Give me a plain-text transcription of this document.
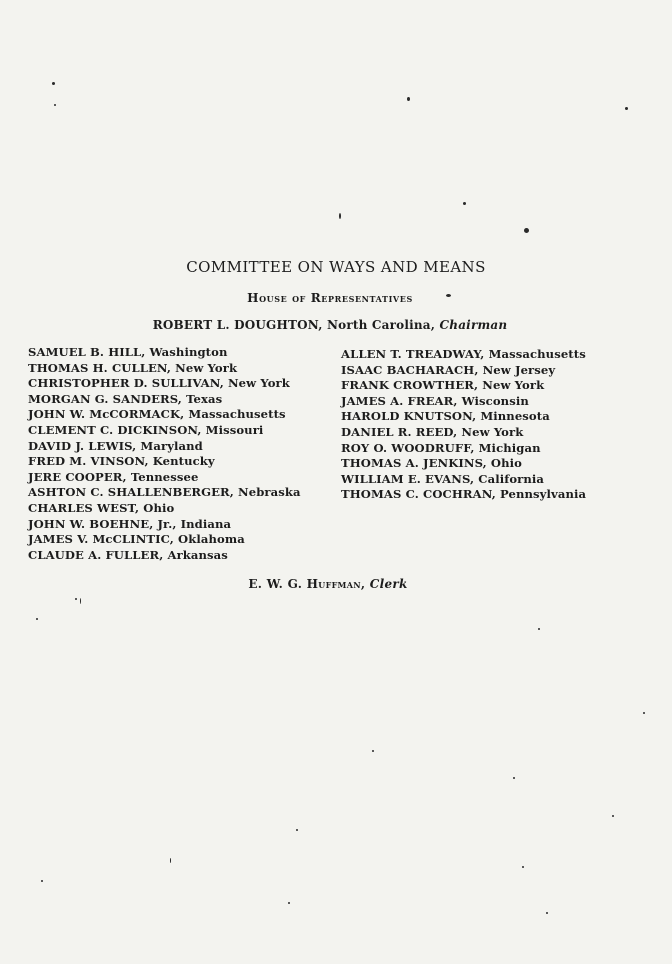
COMMITTEE ON WAYS AND MEANS
House of Representatives
ROBERT L. DOUGHTON, North Carolina, Chairman
SAMUEL B. HILL, Washington
THOMAS H. CULLEN, New York
CHRISTOPHER D. SULLIVAN, New York
MORGAN G. SANDERS, Texas
JOHN W. McCORMACK, Massachusetts
CLEMENT C. DICKINSON, Missouri
DAVID J. LEWIS, Maryland
FRED M. VINSON, Kentucky
JERE COOPER, Tennessee
ASHTON C. SHALLENBERGER, Nebraska
CHARLES WEST, Ohio
JOHN W. BOEHNE, Jr., Indiana
JAMES V. McCLINTIC, Oklahoma
CLAUDE A. FULLER, Arkansas
ALLEN T. TREADWAY, Massachusetts
ISAAC BACHARACH, New Jersey
FRANK CROWTHER, New York
JAMES A. FREAR, Wisconsin
HAROLD KNUTSON, Minnesota
DANIEL R. REED, New York
ROY O. WOODRUFF, Michigan
THOMAS A. JENKINS, Ohio
WILLIAM E. EVANS, California
THOMAS C. COCHRAN, Pennsylvania
E. W. G. Huffman, Clerk
